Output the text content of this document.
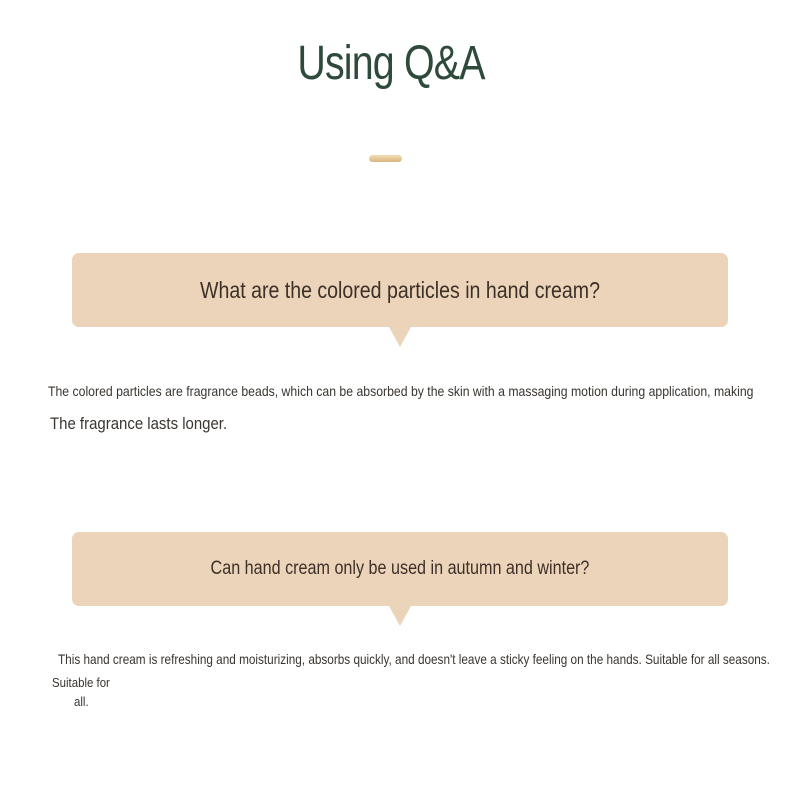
Using Q&A
What are the colored particles in hand cream?
The colored particles are fragrance beads, which can be absorbed by the skin with a massaging motion during application, making
The fragrance lasts longer.
Can hand cream only be used in autumn and winter?
This hand cream is refreshing and moisturizing, absorbs quickly, and doesn't leave a sticky feeling on the hands. Suitable for all seasons.
Suitable for
all.
